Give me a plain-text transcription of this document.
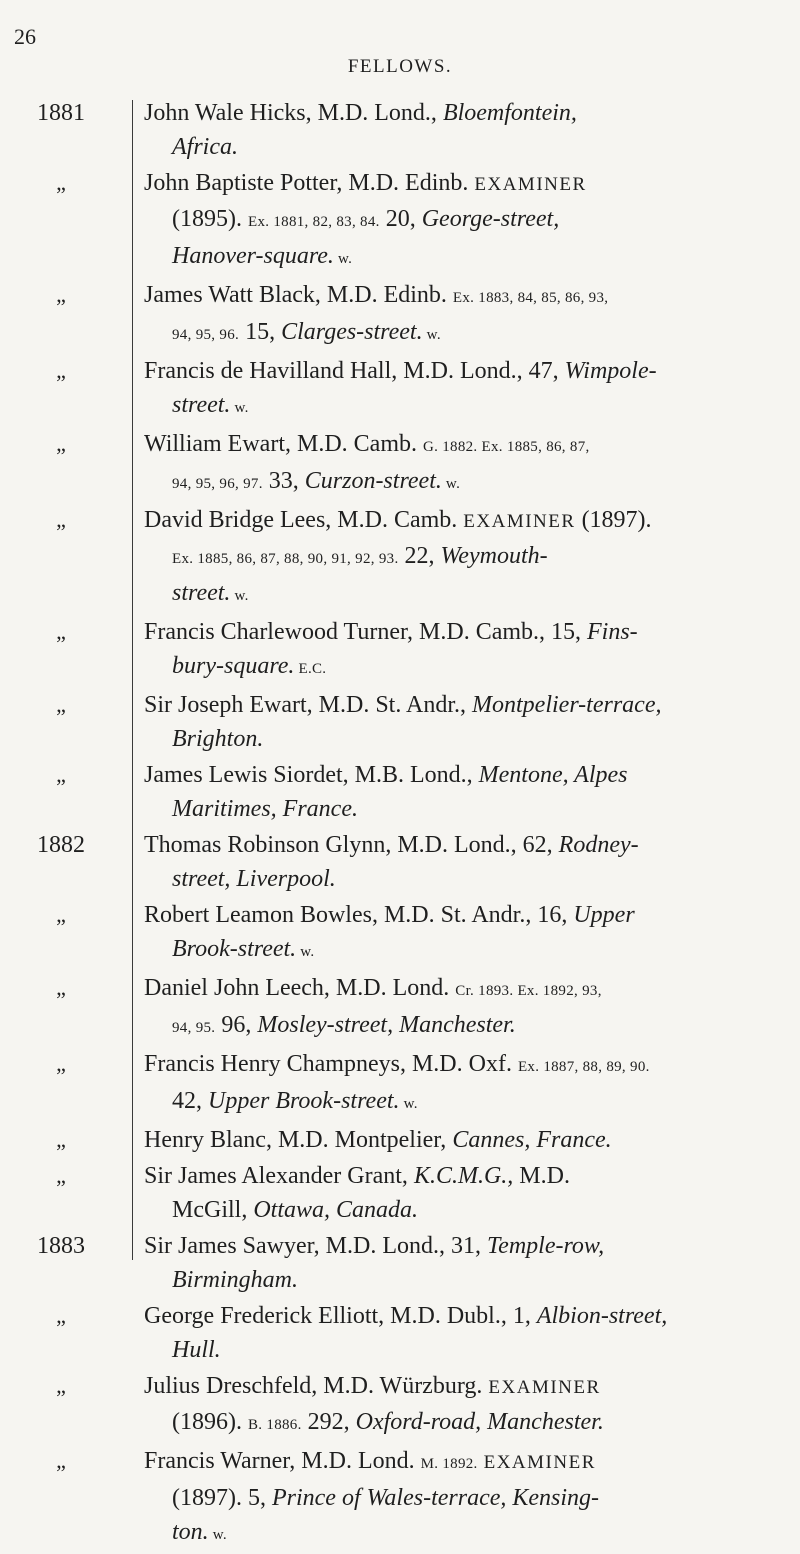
26
FELLOWS.
1881	John Wale Hicks, M.D. Lond., Bloemfontein,
Africa.
„	John Baptiste Potter, M.D. Edinb. EXAMINER
(1895). Ex. 1881, 82, 83, 84. 20, George-street,
Hanover-square. w.
„	James Watt Black, M.D. Edinb. Ex. 1883, 84, 85, 86, 93,
94, 95, 96. 15, Clarges-street. w.
„	Francis de Havilland Hall, M.D. Lond., 47, Wimpole-
street. w.
„	William Ewart, M.D. Camb. G. 1882. Ex. 1885, 86, 87,
94, 95, 96, 97. 33, Curzon-street. w.
„	David Bridge Lees, M.D. Camb. EXAMINER (1897).
Ex. 1885, 86, 87, 88, 90, 91, 92, 93. 22, Weymouth-
street. w.
„	Francis Charlewood Turner, M.D. Camb., 15, Fins-
bury-square. E.C.
„	Sir Joseph Ewart, M.D. St. Andr., Montpelier-terrace,
Brighton.
„	James Lewis Siordet, M.B. Lond., Mentone, Alpes
Maritimes, France.
1882	Thomas Robinson Glynn, M.D. Lond., 62, Rodney-
street, Liverpool.
„	Robert Leamon Bowles, M.D. St. Andr., 16, Upper
Brook-street. w.
„	Daniel John Leech, M.D. Lond. Cr. 1893. Ex. 1892, 93,
94, 95. 96, Mosley-street, Manchester.
„	Francis Henry Champneys, M.D. Oxf. Ex. 1887, 88, 89, 90.
42, Upper Brook-street. w.
„	Henry Blanc, M.D. Montpelier, Cannes, France.
„	Sir James Alexander Grant, K.C.M.G., M.D.
McGill, Ottawa, Canada.
1883	Sir James Sawyer, M.D. Lond., 31, Temple-row,
Birmingham.
„	George Frederick Elliott, M.D. Dubl., 1, Albion-street,
Hull.
„	Julius Dreschfeld, M.D. Würzburg. EXAMINER
(1896). B. 1886. 292, Oxford-road, Manchester.
„	Francis Warner, M.D. Lond. M. 1892. EXAMINER
(1897). 5, Prince of Wales-terrace, Kensing-
ton. w.
